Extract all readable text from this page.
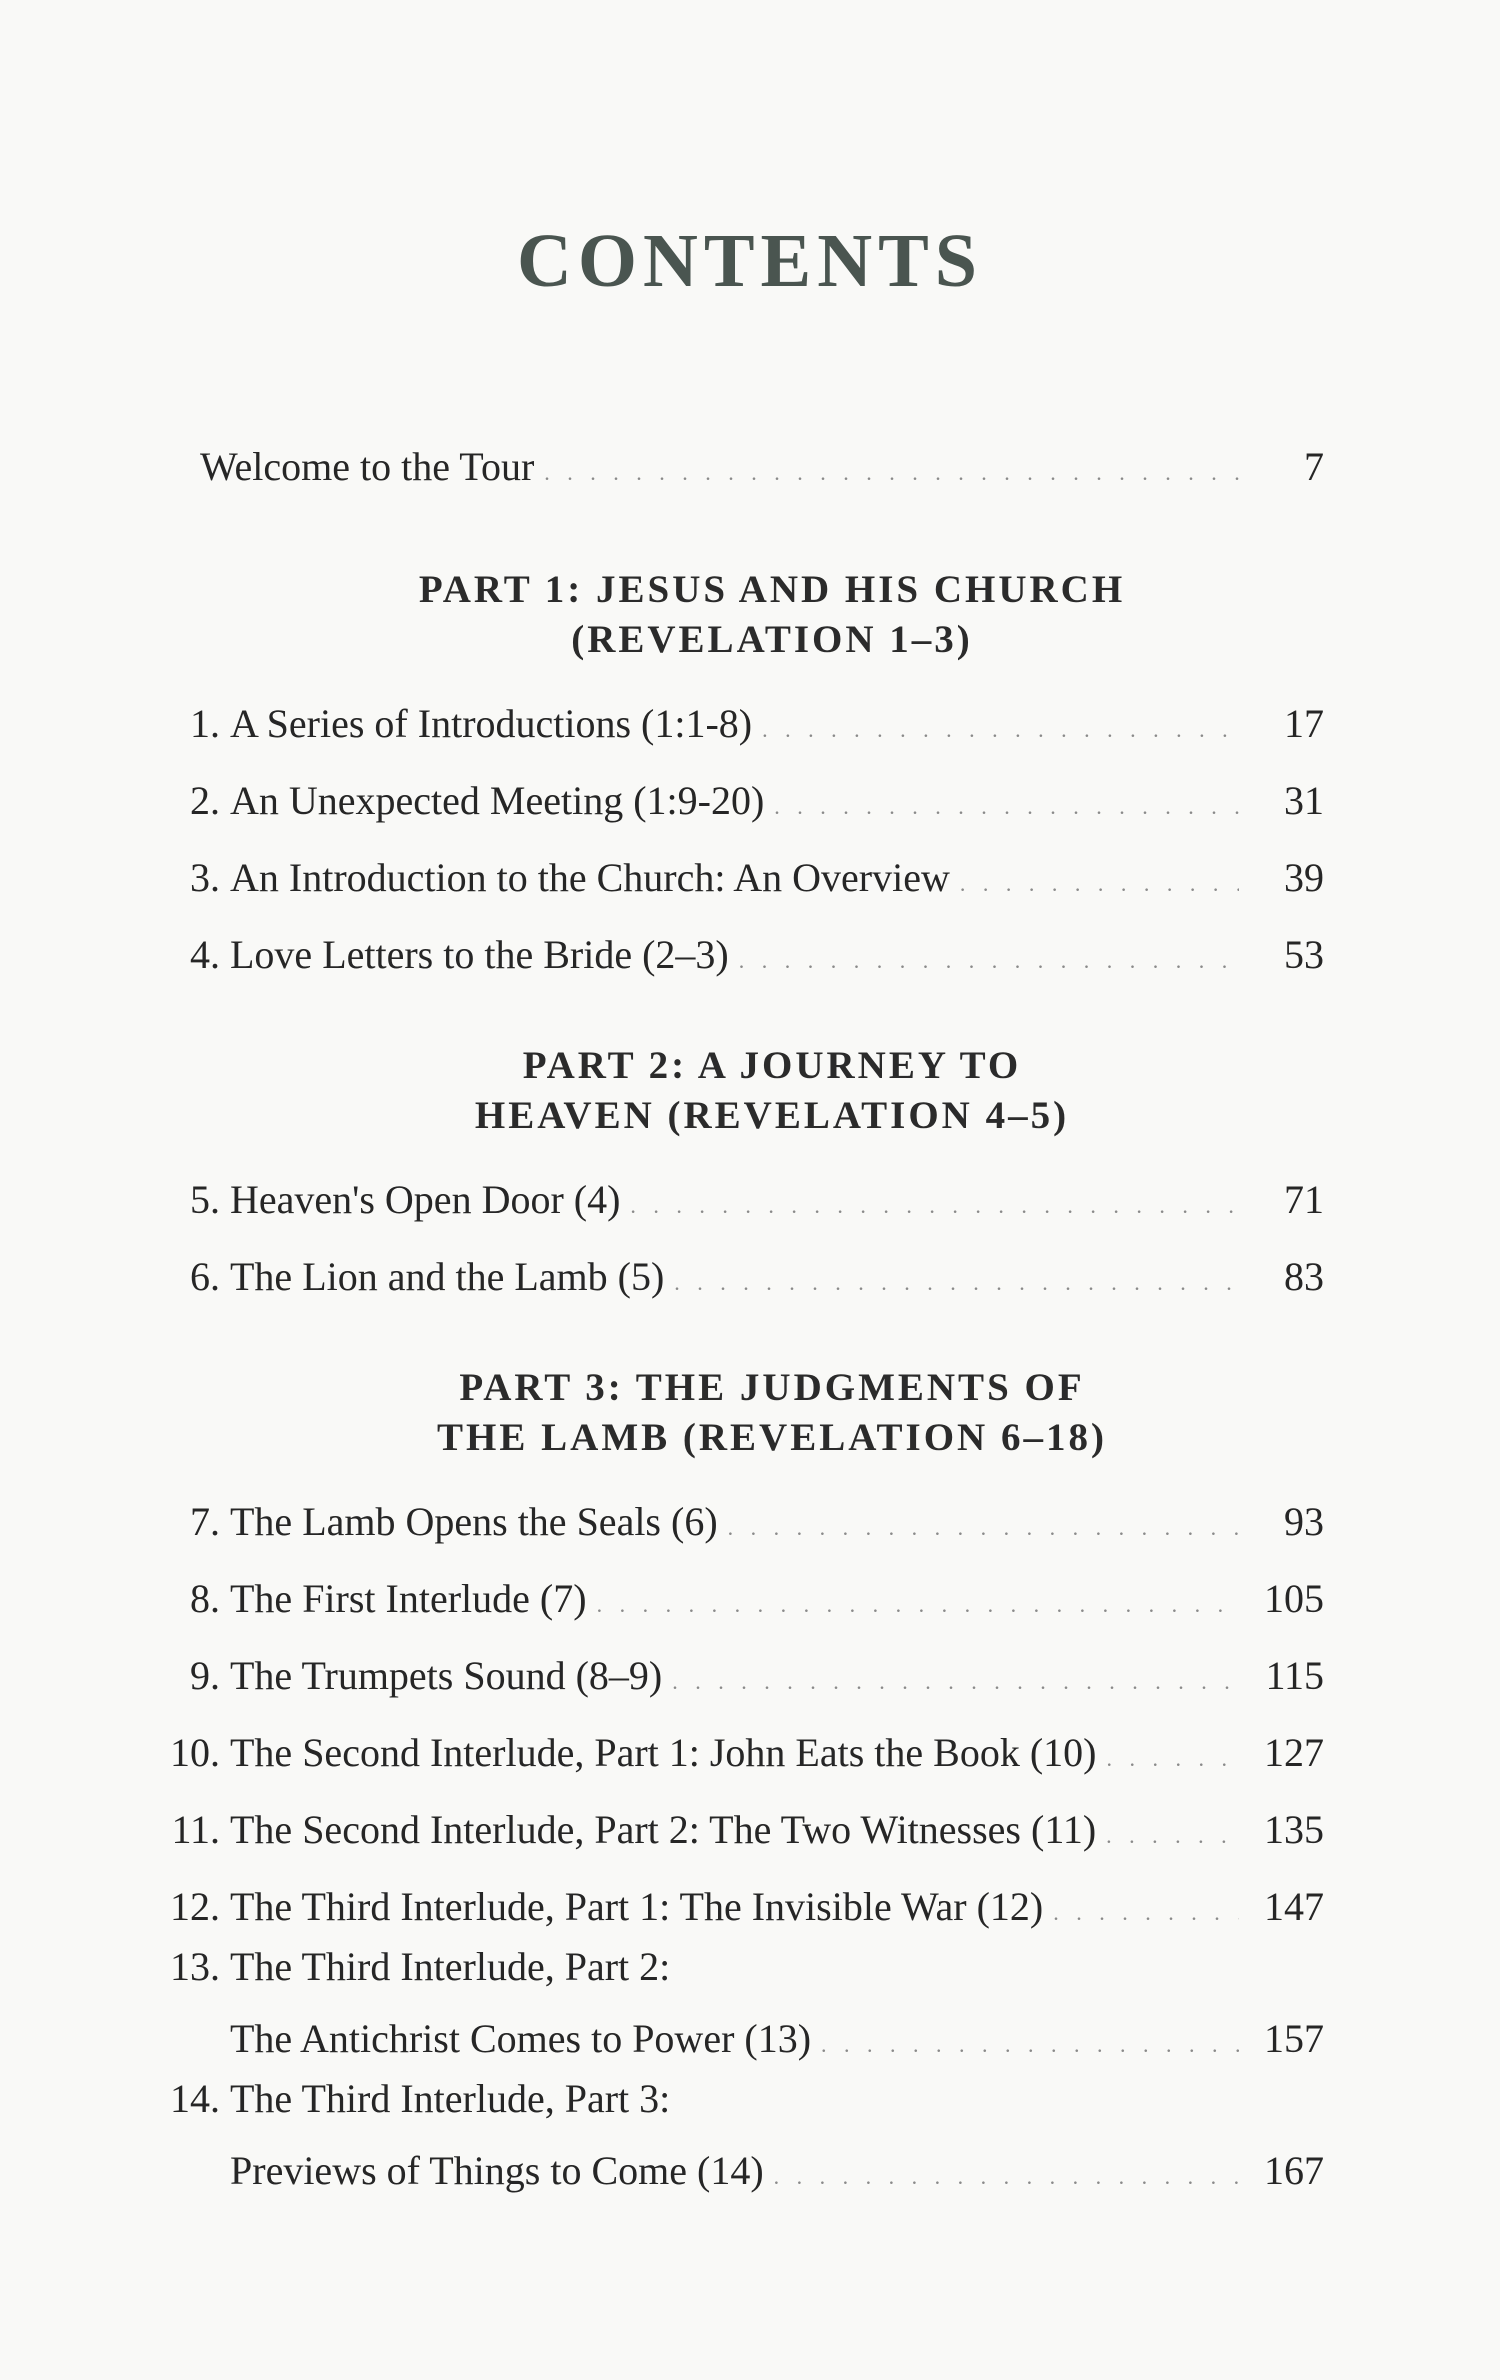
CONTENTS
Welcome to the Tour . . .	7
PART 1: JESUS AND HIS CHURCH
(REVELATION 1–3)
1. A Series of Introductions (1:1-8) . . .	17
2. An Unexpected Meeting (1:9-20) . . .	31
3. An Introduction to the Church: An Overview . . .	39
4. Love Letters to the Bride (2–3) . . .	53
PART 2: A JOURNEY TO
HEAVEN (REVELATION 4–5)
5. Heaven's Open Door (4) . . .	71
6. The Lion and the Lamb (5) . . .	83
PART 3: THE JUDGMENTS OF
THE LAMB (REVELATION 6–18)
7. The Lamb Opens the Seals (6) . . .	93
8. The First Interlude (7) . . .	105
9. The Trumpets Sound (8–9) . . .	115
10. The Second Interlude, Part 1: John Eats the Book (10) . . .	127
11. The Second Interlude, Part 2: The Two Witnesses (11) . . .	135
12. The Third Interlude, Part 1: The Invisible War (12) . . .	147
13. The Third Interlude, Part 2:
The Antichrist Comes to Power (13) . . .	157
14. The Third Interlude, Part 3:
Previews of Things to Come (14) . . .	167
